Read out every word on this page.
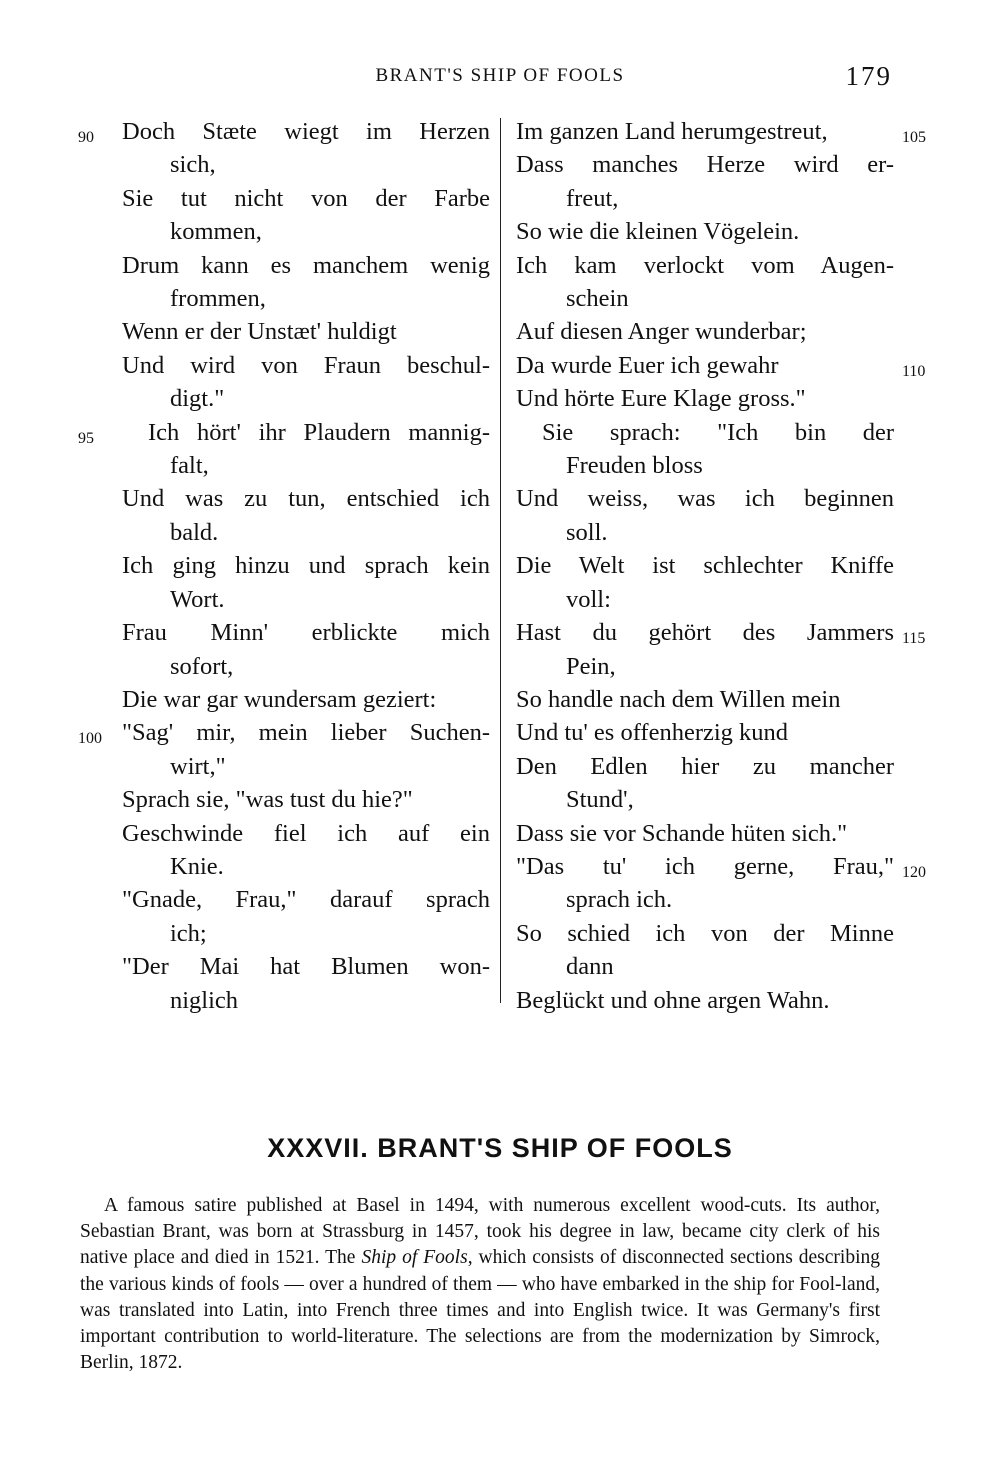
BRANT'S SHIP OF FOOLS	179
90	Doch Stæte wiegt im Herzen
sich,
Sie tut nicht von der Farbe
kommen,
Drum kann es manchem wenig
frommen,
Wenn er der Unstæt' huldigt
Und wird von Fraun beschul-
digt."
95	Ich hört' ihr Plaudern mannig-
falt,
Und was zu tun, entschied ich
bald.
Ich ging hinzu und sprach kein
Wort.
Frau Minn' erblickte mich
sofort,
Die war gar wundersam geziert:
100 "Sag' mir, mein lieber Suchen-
wirt,"
Sprach sie, "was tust du hie?"
Geschwinde fiel ich auf ein
Knie.
"Gnade, Frau," darauf sprach
ich;
"Der Mai hat Blumen won-
niglich
105
Im ganzen Land herumgestreut,
Dass manches Herze wird er-
freut,
So wie die kleinen Vögelein.
Ich kam verlockt vom Augen-
schein
Auf diesen Anger wunderbar;
110
Da wurde Euer ich gewahr
Und hörte Eure Klage gross."
Sie sprach: "Ich bin der
Freuden bloss
Und weiss, was ich beginnen
soll.
Die Welt ist schlechter Kniffe
voll:
115
Hast du gehört des Jammers
Pein,
So handle nach dem Willen mein
Und tu' es offenherzig kund
Den Edlen hier zu mancher
Stund',
Dass sie vor Schande hüten sich."
120
"Das tu' ich gerne, Frau,"
sprach ich.
So schied ich von der Minne
dann
Beglückt und ohne argen Wahn.
XXXVII. BRANT'S SHIP OF FOOLS

A famous satire published at Basel in 1494, with numerous excellent wood-cuts. Its author, Sebastian Brant, was born at Strassburg in 1457, took his degree in law, became city clerk of his native place and died in 1521. The Ship of Fools, which consists of disconnected sections describing the various kinds of fools — over a hundred of them — who have embarked in the ship for Fool-land, was translated into Latin, into French three times and into English twice. It was Germany's first important contribution to world-literature. The selections are from the modernization by Simrock, Berlin, 1872.
